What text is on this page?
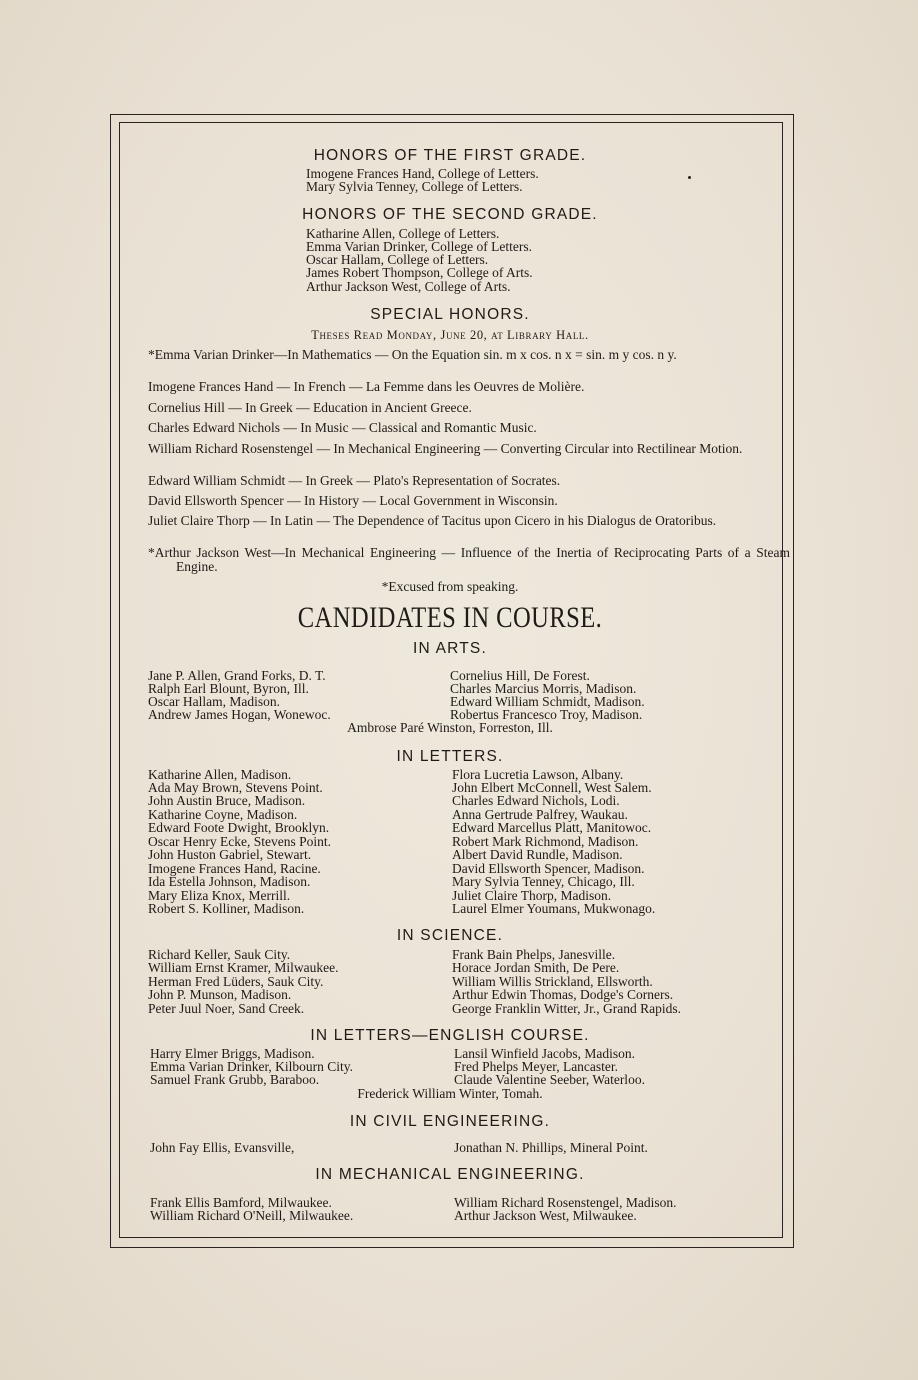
HONORS OF THE FIRST GRADE.
Imogene Frances Hand, College of Letters.
Mary Sylvia Tenney, College of Letters.
HONORS OF THE SECOND GRADE.
Katharine Allen, College of Letters.
Emma Varian Drinker, College of Letters.
Oscar Hallam, College of Letters.
James Robert Thompson, College of Arts.
Arthur Jackson West, College of Arts.
SPECIAL HONORS.
Theses Read Monday, June 20, at Library Hall.
*Emma Varian Drinker—In Mathematics — On the Equation sin. m x cos. n x = sin. m y cos. n y.
Imogene Frances Hand — In French — La Femme dans les Oeuvres de Molière.
Cornelius Hill — In Greek — Education in Ancient Greece.
Charles Edward Nichols — In Music — Classical and Romantic Music.
William Richard Rosenstengel — In Mechanical Engineering — Converting Circular into Rectilinear Motion.
Edward William Schmidt — In Greek — Plato's Representation of Socrates.
David Ellsworth Spencer — In History — Local Government in Wisconsin.
Juliet Claire Thorp — In Latin — The Dependence of Tacitus upon Cicero in his Dialogus de Oratoribus.
*Arthur Jackson West—In Mechanical Engineering — Influence of the Inertia of Reciprocating Parts of a Steam Engine.
*Excused from speaking.
CANDIDATES IN COURSE.
IN ARTS.
Jane P. Allen, Grand Forks, D. T.
Ralph Earl Blount, Byron, Ill.
Oscar Hallam, Madison.
Andrew James Hogan, Wonewoc.
Cornelius Hill, De Forest.
Charles Marcius Morris, Madison.
Edward William Schmidt, Madison.
Robertus Francesco Troy, Madison.
Ambrose Paré Winston, Forreston, Ill.
IN LETTERS.
Katharine Allen, Madison.
Ada May Brown, Stevens Point.
John Austin Bruce, Madison.
Katharine Coyne, Madison.
Edward Foote Dwight, Brooklyn.
Oscar Henry Ecke, Stevens Point.
John Huston Gabriel, Stewart.
Imogene Frances Hand, Racine.
Ida Estella Johnson, Madison.
Mary Eliza Knox, Merrill.
Robert S. Kolliner, Madison.
Flora Lucretia Lawson, Albany.
John Elbert McConnell, West Salem.
Charles Edward Nichols, Lodi.
Anna Gertrude Palfrey, Waukau.
Edward Marcellus Platt, Manitowoc.
Robert Mark Richmond, Madison.
Albert David Rundle, Madison.
David Ellsworth Spencer, Madison.
Mary Sylvia Tenney, Chicago, Ill.
Juliet Claire Thorp, Madison.
Laurel Elmer Youmans, Mukwonago.
IN SCIENCE.
Richard Keller, Sauk City.
William Ernst Kramer, Milwaukee.
Herman Fred Lüders, Sauk City.
John P. Munson, Madison.
Peter Juul Noer, Sand Creek.
Frank Bain Phelps, Janesville.
Horace Jordan Smith, De Pere.
William Willis Strickland, Ellsworth.
Arthur Edwin Thomas, Dodge's Corners.
George Franklin Witter, Jr., Grand Rapids.
IN LETTERS—ENGLISH COURSE.
Harry Elmer Briggs, Madison.
Emma Varian Drinker, Kilbourn City.
Samuel Frank Grubb, Baraboo.
Lansil Winfield Jacobs, Madison.
Fred Phelps Meyer, Lancaster.
Claude Valentine Seeber, Waterloo.
Frederick William Winter, Tomah.
IN CIVIL ENGINEERING.
John Fay Ellis, Evansville,	Jonathan N. Phillips, Mineral Point.
IN MECHANICAL ENGINEERING.
Frank Ellis Bamford, Milwaukee.
William Richard O'Neill, Milwaukee.
William Richard Rosenstengel, Madison.
Arthur Jackson West, Milwaukee.
